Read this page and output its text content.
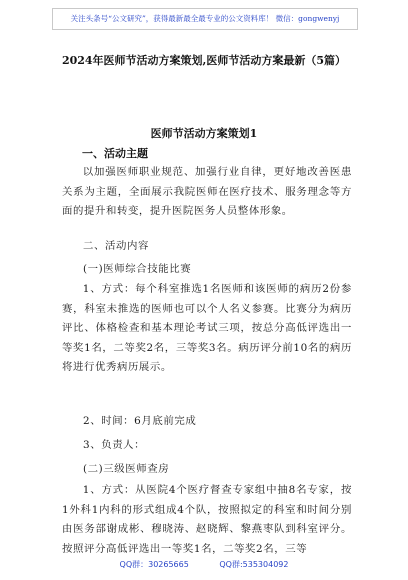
关注头条号“公文研究”，获得最新最全最专业的公文资料库！ 微信：gongwenyj
2024年医师节活动方案策划,医师节活动方案最新（5篇）
医师节活动方案策划1
一、活动主题
以加强医师职业规范、加强行业自律，更好地改善医患关系为主题，全面展示我院医师在医疗技术、服务理念等方面的提升和转变，提升医院医务人员整体形象。
二、活动内容
(一)医师综合技能比赛
1、方式：每个科室推选1名医师和该医师的病历2份参赛，科室未推选的医师也可以个人名义参赛。比赛分为病历评比、体格检查和基本理论考试三项，按总分高低评选出一等奖1名，二等奖2名，三等奖3名。病历评分前10名的病历将进行优秀病历展示。
2、时间：6月底前完成
3、负责人：
(二)三级医师查房
1、方式：从医院4个医疗督查专家组中抽8名专家，按1外科1内科的形式组成4个队，按照拟定的科室和时间分别由医务部谢成彬、穆晓涛、赵晓辉、黎燕枣队到科室评分。按照评分高低评选出一等奖1名，二等奖2名，三等
QQ群：30265665	QQ群:535304092
